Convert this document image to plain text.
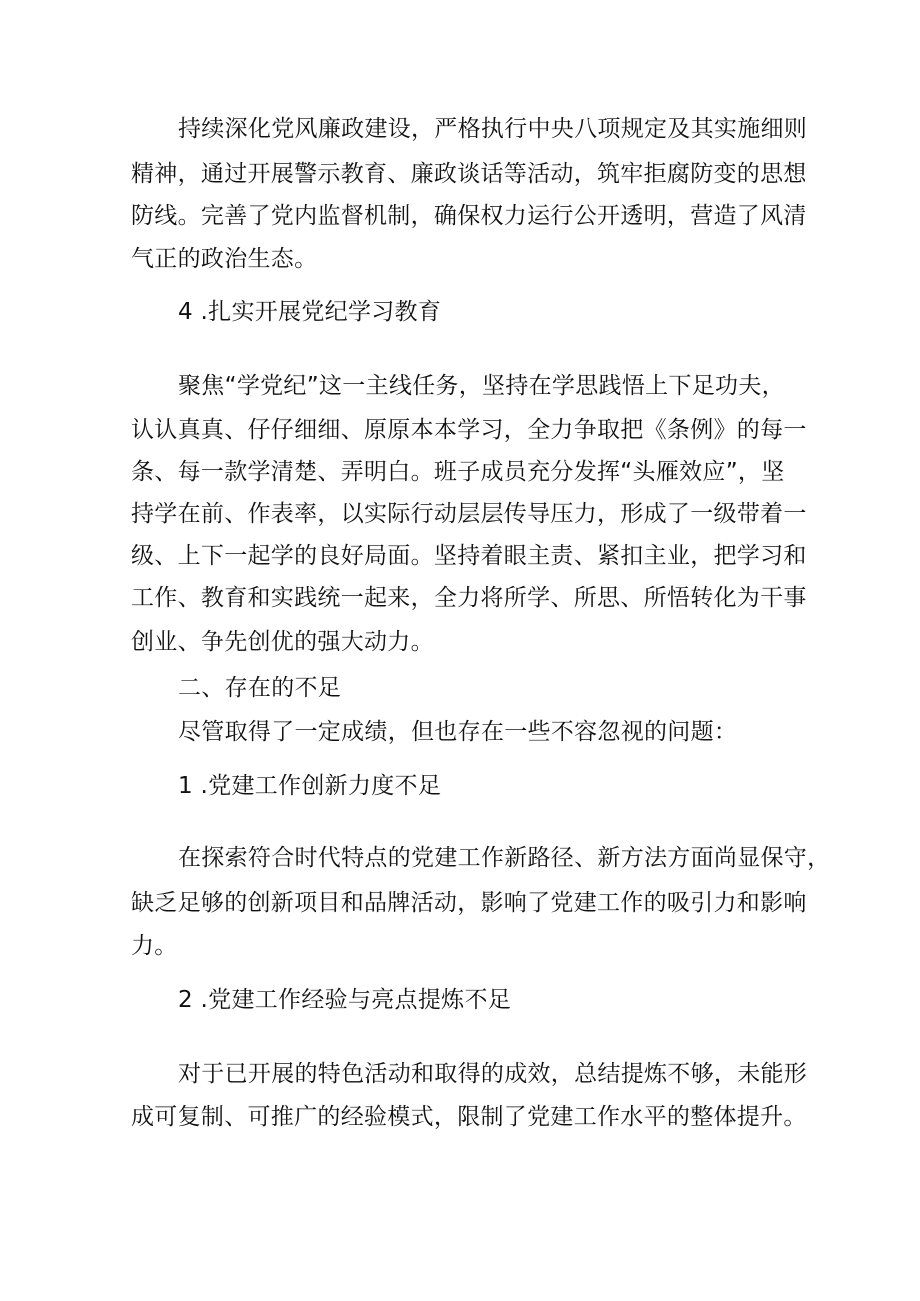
持续深化党风廉政建设，严格执行中央八项规定及其实施细则
精神，通过开展警示教育、廉政谈话等活动，筑牢拒腐防变的思想
防线。完善了党内监督机制，确保权力运行公开透明，营造了风清
气正的政治生态。
4 .扎实开展党纪学习教育
聚焦“学党纪”这一主线任务，坚持在学思践悟上下足功夫，
认认真真、仔仔细细、原原本本学习，全力争取把《条例》的每一
条、每一款学清楚、弄明白。班子成员充分发挥“头雁效应”，坚
持学在前、作表率，以实际行动层层传导压力，形成了一级带着一
级、上下一起学的良好局面。坚持着眼主责、紧扣主业，把学习和
工作、教育和实践统一起来，全力将所学、所思、所悟转化为干事
创业、争先创优的强大动力。
二、存在的不足
尽管取得了一定成绩，但也存在一些不容忽视的问题：
1 .党建工作创新力度不足
在探索符合时代特点的党建工作新路径、新方法方面尚显保守，
缺乏足够的创新项目和品牌活动，影响了党建工作的吸引力和影响
力。
2 .党建工作经验与亮点提炼不足
对于已开展的特色活动和取得的成效，总结提炼不够，未能形
成可复制、可推广的经验模式，限制了党建工作水平的整体提升。
